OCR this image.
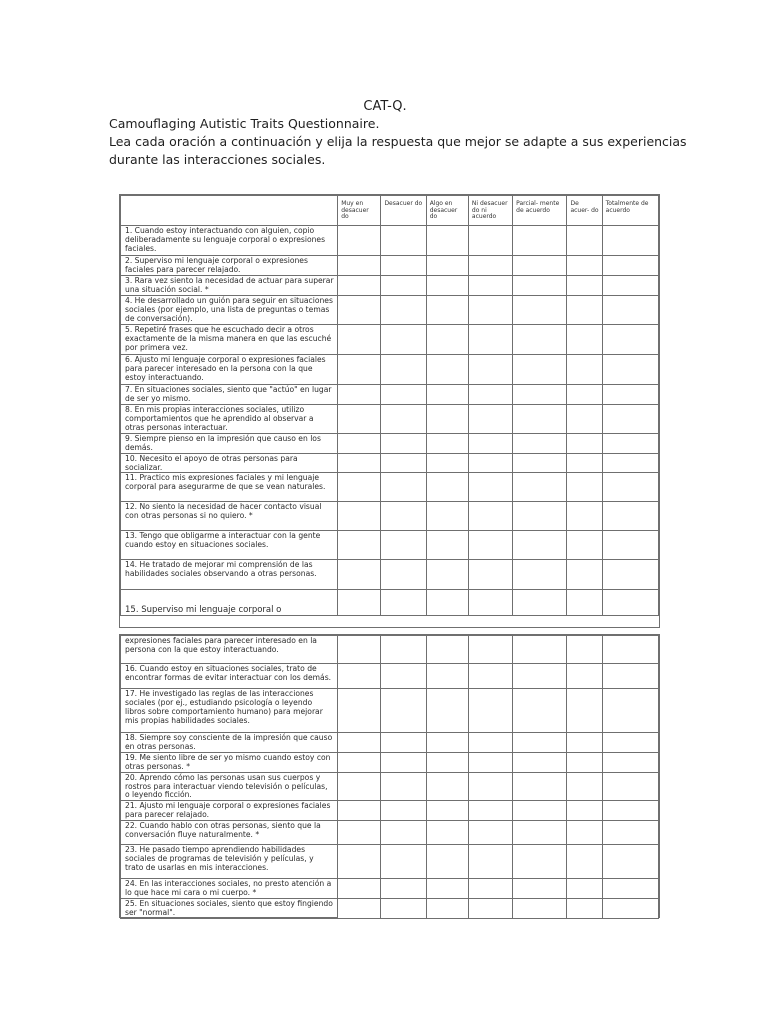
CAT-Q.
Camouflaging Autistic Traits Questionnaire.
Lea cada oración a continuación y elija la respuesta que mejor se adapte a sus experiencias
durante las interacciones sociales.
	Muy en desacuer do	Desacuer do	Algo en desacuer do	Ni desacuer do ni acuerdo	Parcial- mente de acuerdo	De acuer- do	Totalmente de acuerdo
1. Cuando estoy interactuando con alguien, copio deliberadamente su lenguaje corporal o expresiones faciales.							
2. Superviso mi lenguaje corporal o expresiones faciales para parecer relajado.							
3. Rara vez siento la necesidad de actuar para superar una situación social. *							
4. He desarrollado un guión para seguir en situaciones sociales (por ejemplo, una lista de preguntas o temas de conversación).							
5. Repetiré frases que he escuchado decir a otros exactamente de la misma manera en que las escuché por primera vez.							
6. Ajusto mi lenguaje corporal o expresiones faciales para parecer interesado en la persona con la que estoy interactuando.							
7. En situaciones sociales, siento que "actúo" en lugar de ser yo mismo.							
8. En mis propias interacciones sociales, utilizo comportamientos que he aprendido al observar a otras personas interactuar.							
9. Siempre pienso en la impresión que causo en los demás.							
10. Necesito el apoyo de otras personas para socializar.							
11. Practico mis expresiones faciales y mi lenguaje corporal para asegurarme de que se vean naturales.							
12. No siento la necesidad de hacer contacto visual con otras personas si no quiero. *							
13. Tengo que obligarme a interactuar con la gente cuando estoy en situaciones sociales.							
14. He tratado de mejorar mi comprensión de las habilidades sociales observando a otras personas.							
15. Superviso mi lenguaje corporal o							
expresiones faciales para parecer interesado en la persona con la que estoy interactuando.							
16. Cuando estoy en situaciones sociales, trato de encontrar formas de evitar interactuar con los demás.							
17. He investigado las reglas de las interacciones sociales (por ej., estudiando psicología o leyendo libros sobre comportamiento humano) para mejorar mis propias habilidades sociales.							
18. Siempre soy consciente de la impresión que causo en otras personas.							
19. Me siento libre de ser yo mismo cuando estoy con otras personas. *							
20. Aprendo cómo las personas usan sus cuerpos y rostros para interactuar viendo televisión o películas, o leyendo ficción.							
21. Ajusto mi lenguaje corporal o expresiones faciales para parecer relajado.							
22. Cuando hablo con otras personas, siento que la conversación fluye naturalmente. *							
23. He pasado tiempo aprendiendo habilidades sociales de programas de televisión y películas, y trato de usarlas en mis interacciones.							
24. En las interacciones sociales, no presto atención a lo que hace mi cara o mi cuerpo. *							
25. En situaciones sociales, siento que estoy fingiendo ser "normal".							
